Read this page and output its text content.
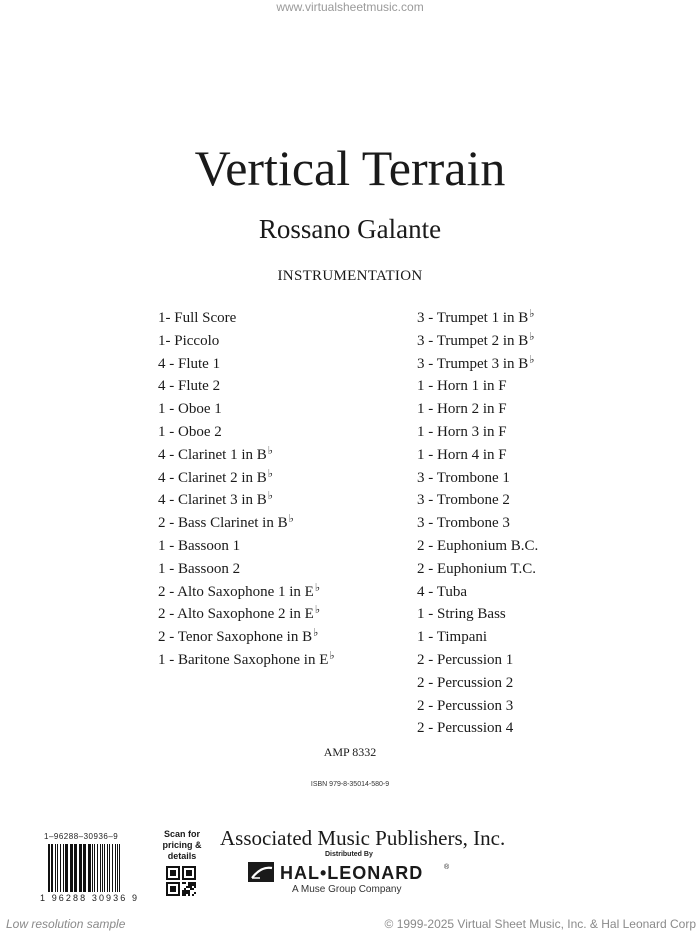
www.virtualsheetmusic.com
Vertical Terrain
Rossano Galante
INSTRUMENTATION
1- Full Score
1- Piccolo
4 - Flute 1
4 - Flute 2
1 - Oboe 1
1 - Oboe 2
4 - Clarinet 1 in B♭
4 - Clarinet 2 in B♭
4 - Clarinet 3 in B♭
2 - Bass Clarinet in B♭
1 - Bassoon 1
1 - Bassoon 2
2 - Alto Saxophone 1 in E♭
2 - Alto Saxophone 2 in E♭
2 - Tenor Saxophone in B♭
1 - Baritone Saxophone in E♭
3 - Trumpet 1 in B♭
3 - Trumpet 2 in B♭
3 - Trumpet 3 in B♭
1 - Horn 1 in F
1 - Horn 2 in F
1 - Horn 3 in F
1 - Horn 4 in F
3 - Trombone 1
3 - Trombone 2
3 - Trombone 3
2 - Euphonium B.C.
2 - Euphonium T.C.
4 - Tuba
1 - String Bass
1 - Timpani
2 - Percussion 1
2 - Percussion 2
2 - Percussion 3
2 - Percussion 4
AMP 8332
ISBN 979-8-35014-580-9
1–96288–30936–9
1 96288 30936 9
Scan for pricing & details
Associated Music Publishers, Inc.
Distributed By
HAL•LEONARD	®
A Muse Group Company
Low resolution sample	© 1999-2025 Virtual Sheet Music, Inc. & Hal Leonard Corp
